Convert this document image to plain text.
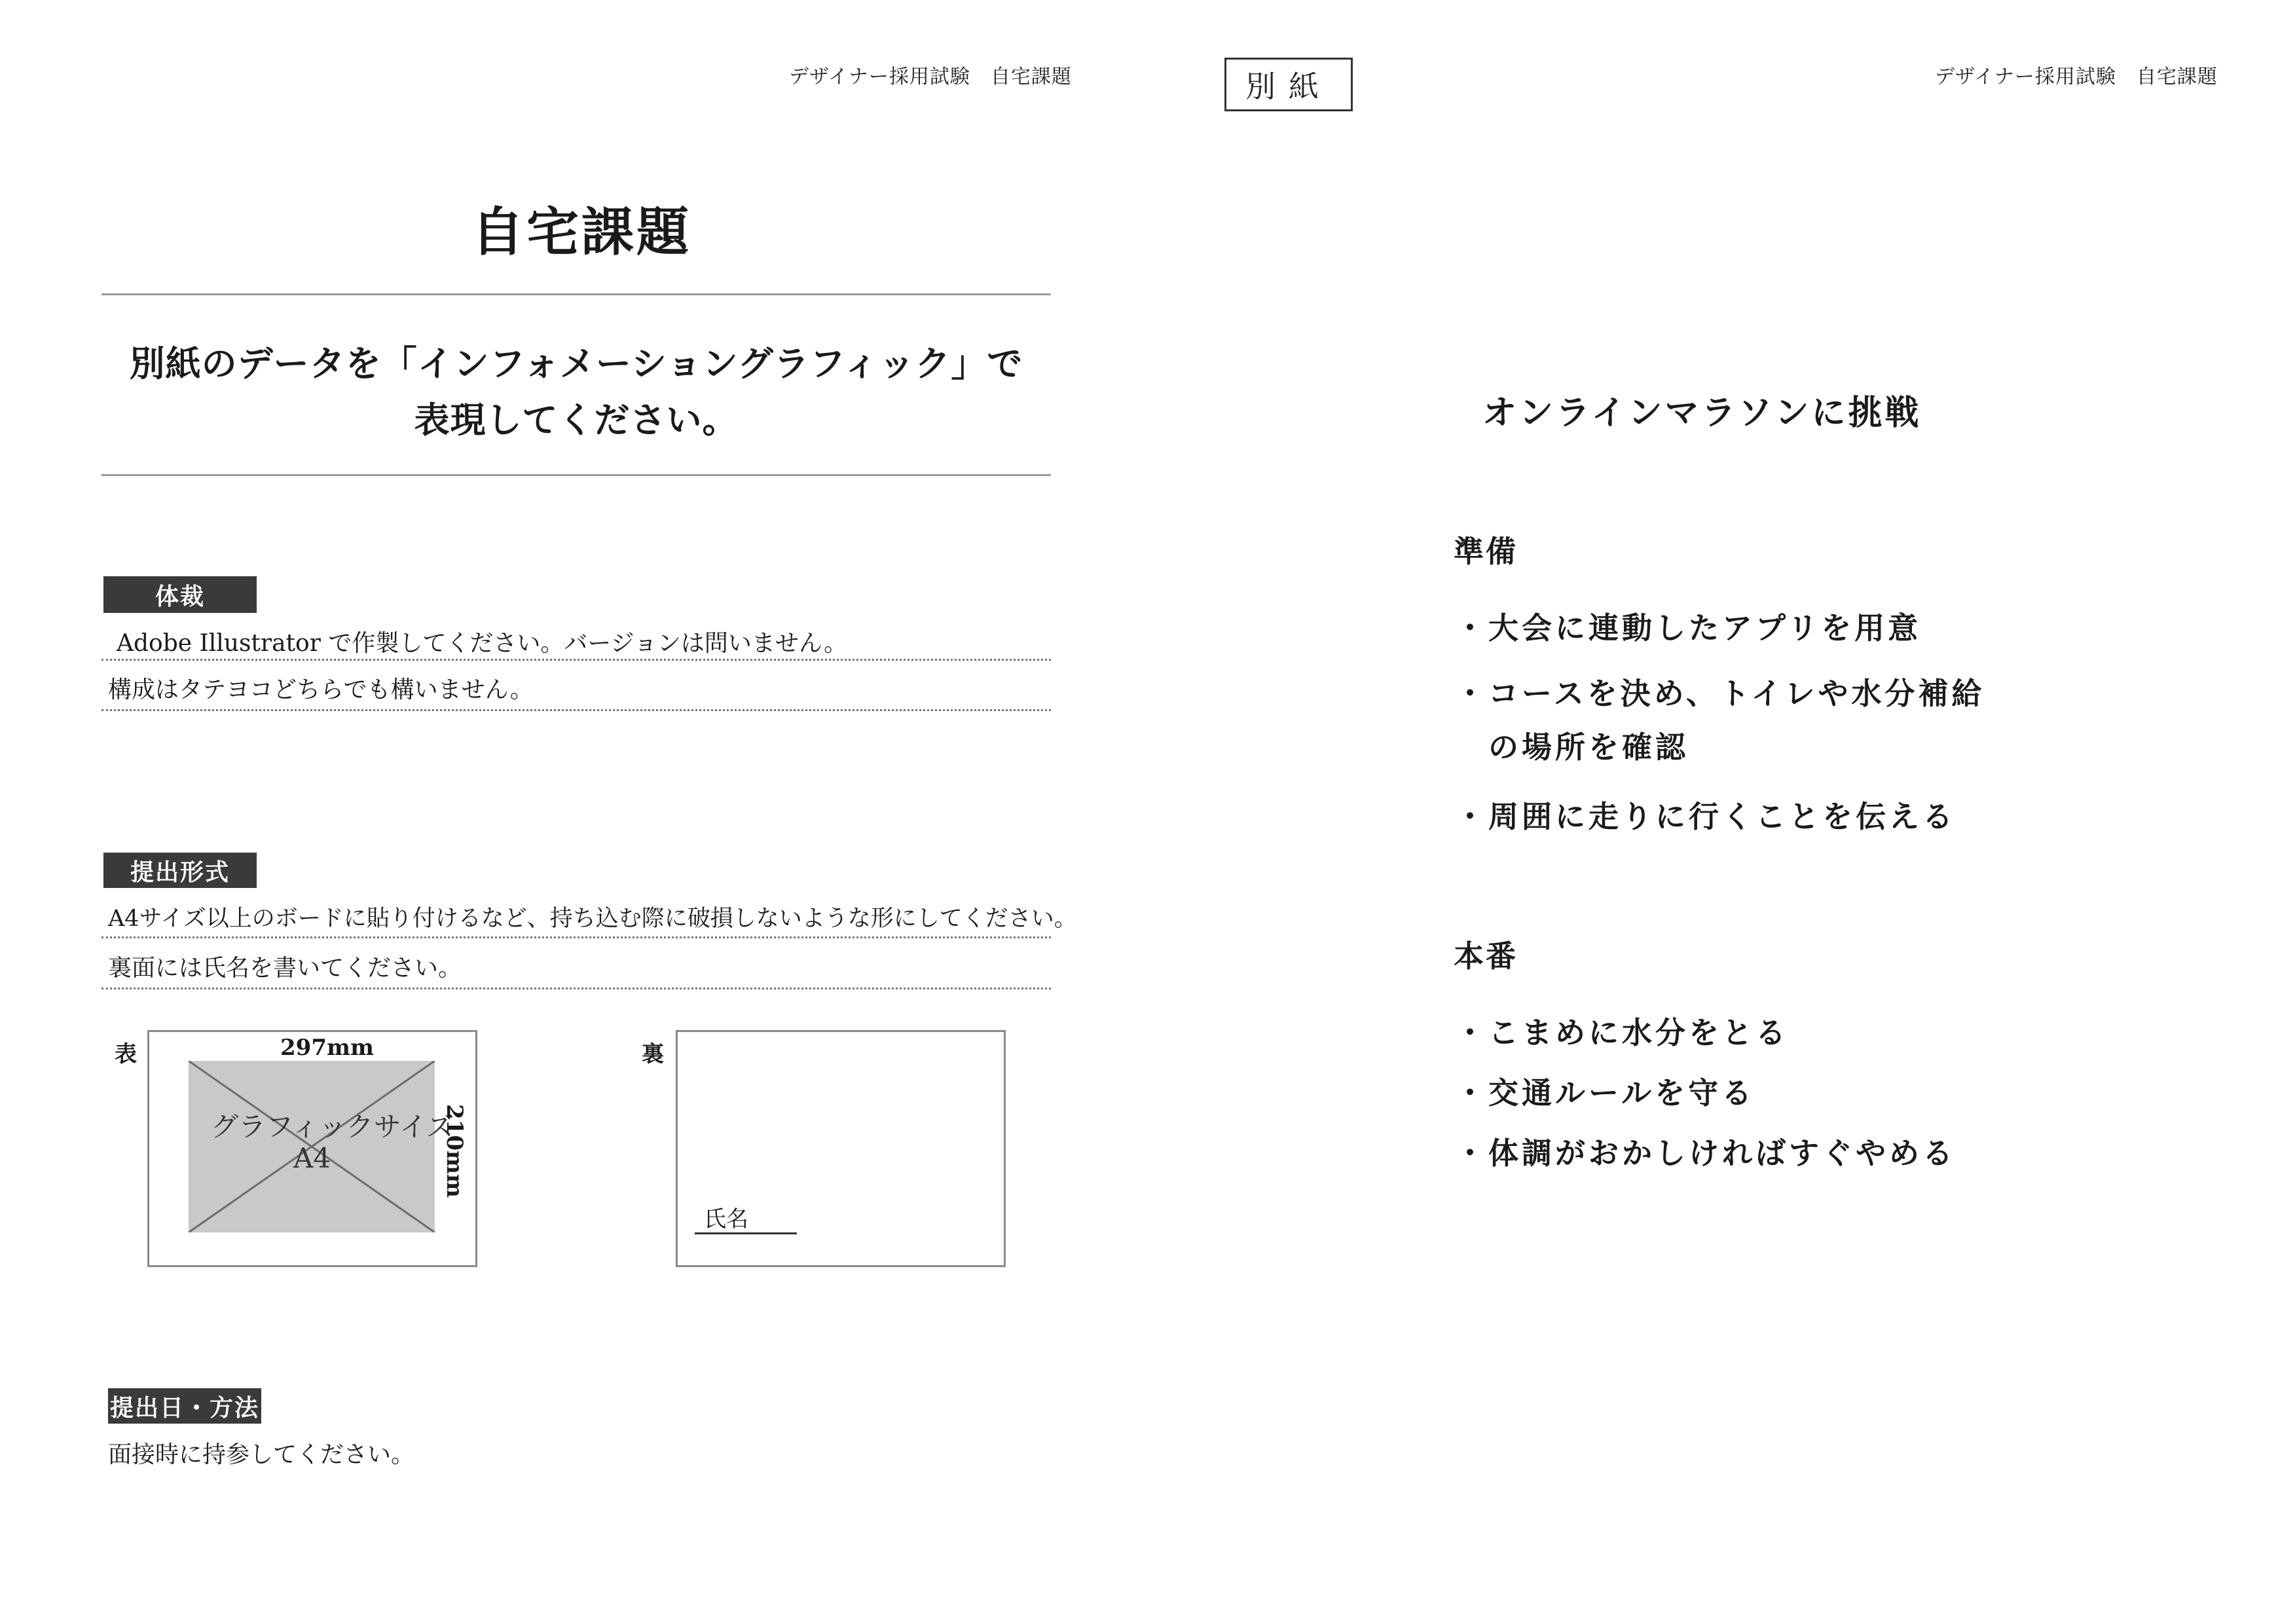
デザイナー採用試験　自宅課題	別紙	デザイナー採用試験　自宅課題
自宅課題
別紙のデータを「インフォメーショングラフィック」で
表現してください。
体裁
Adobe Illustrator で作製してください。バージョンは問いません。
構成はタテヨコどちらでも構いません。
提出形式
A4サイズ以上のボードに貼り付けるなど、持ち込む際に破損しないような形にしてください。
裏面には氏名を書いてください。
表
グラフィックサイズ
A4
297mm
210mm
裏
氏名
提出日・方法
面接時に持参してください。
オンラインマラソンに挑戦
準備
・大会に連動したアプリを用意
・コースを決め、トイレや水分補給
　の場所を確認
・周囲に走りに行くことを伝える
本番
・こまめに水分をとる
・交通ルールを守る
・体調がおかしければすぐやめる
